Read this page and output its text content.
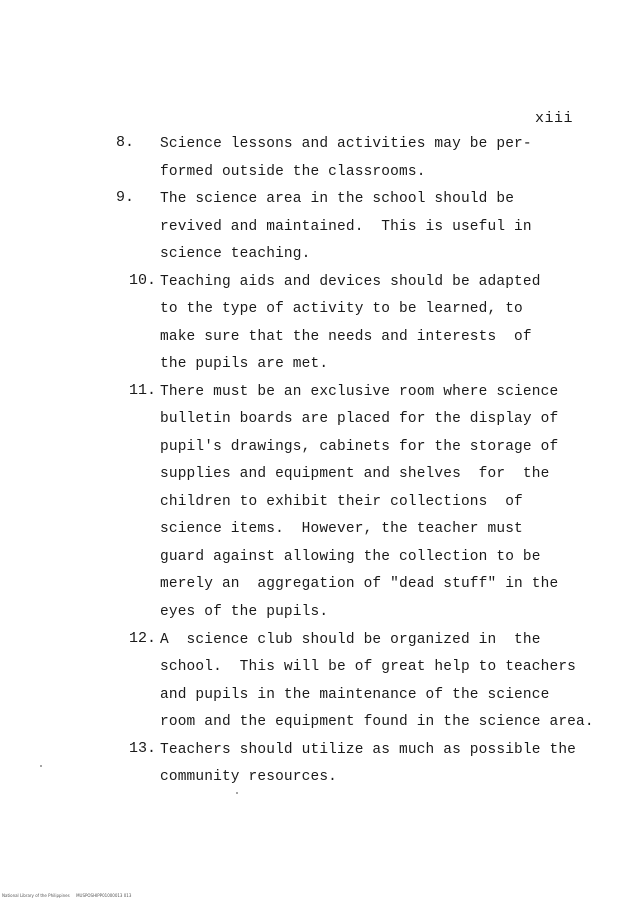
xiii
8.	Science lessons and activities may be per-
formed outside the classrooms.
9.	The science area in the school should be
revived and maintained.  This is useful in
science teaching.
10. Teaching aids and devices should be adapted
to the type of activity to be learned, to
make sure that the needs and interests  of
the pupils are met.
11. There must be an exclusive room where science
bulletin boards are placed for the display of
pupil's drawings, cabinets for the storage of
supplies and equipment and shelves  for  the
children to exhibit their collections  of
science items.  However, the teacher must
guard against allowing the collection to be
merely an  aggregation of "dead stuff" in the
eyes of the pupils.
12. A  science club should be organized in  the
school.  This will be of great help to teachers
and pupils in the maintenance of the science
room and the equipment found in the science area.
13. Teachers should utilize as much as possible the
community resources.
National Library of the Philippines     MUSPOSHIPP01000013 013
